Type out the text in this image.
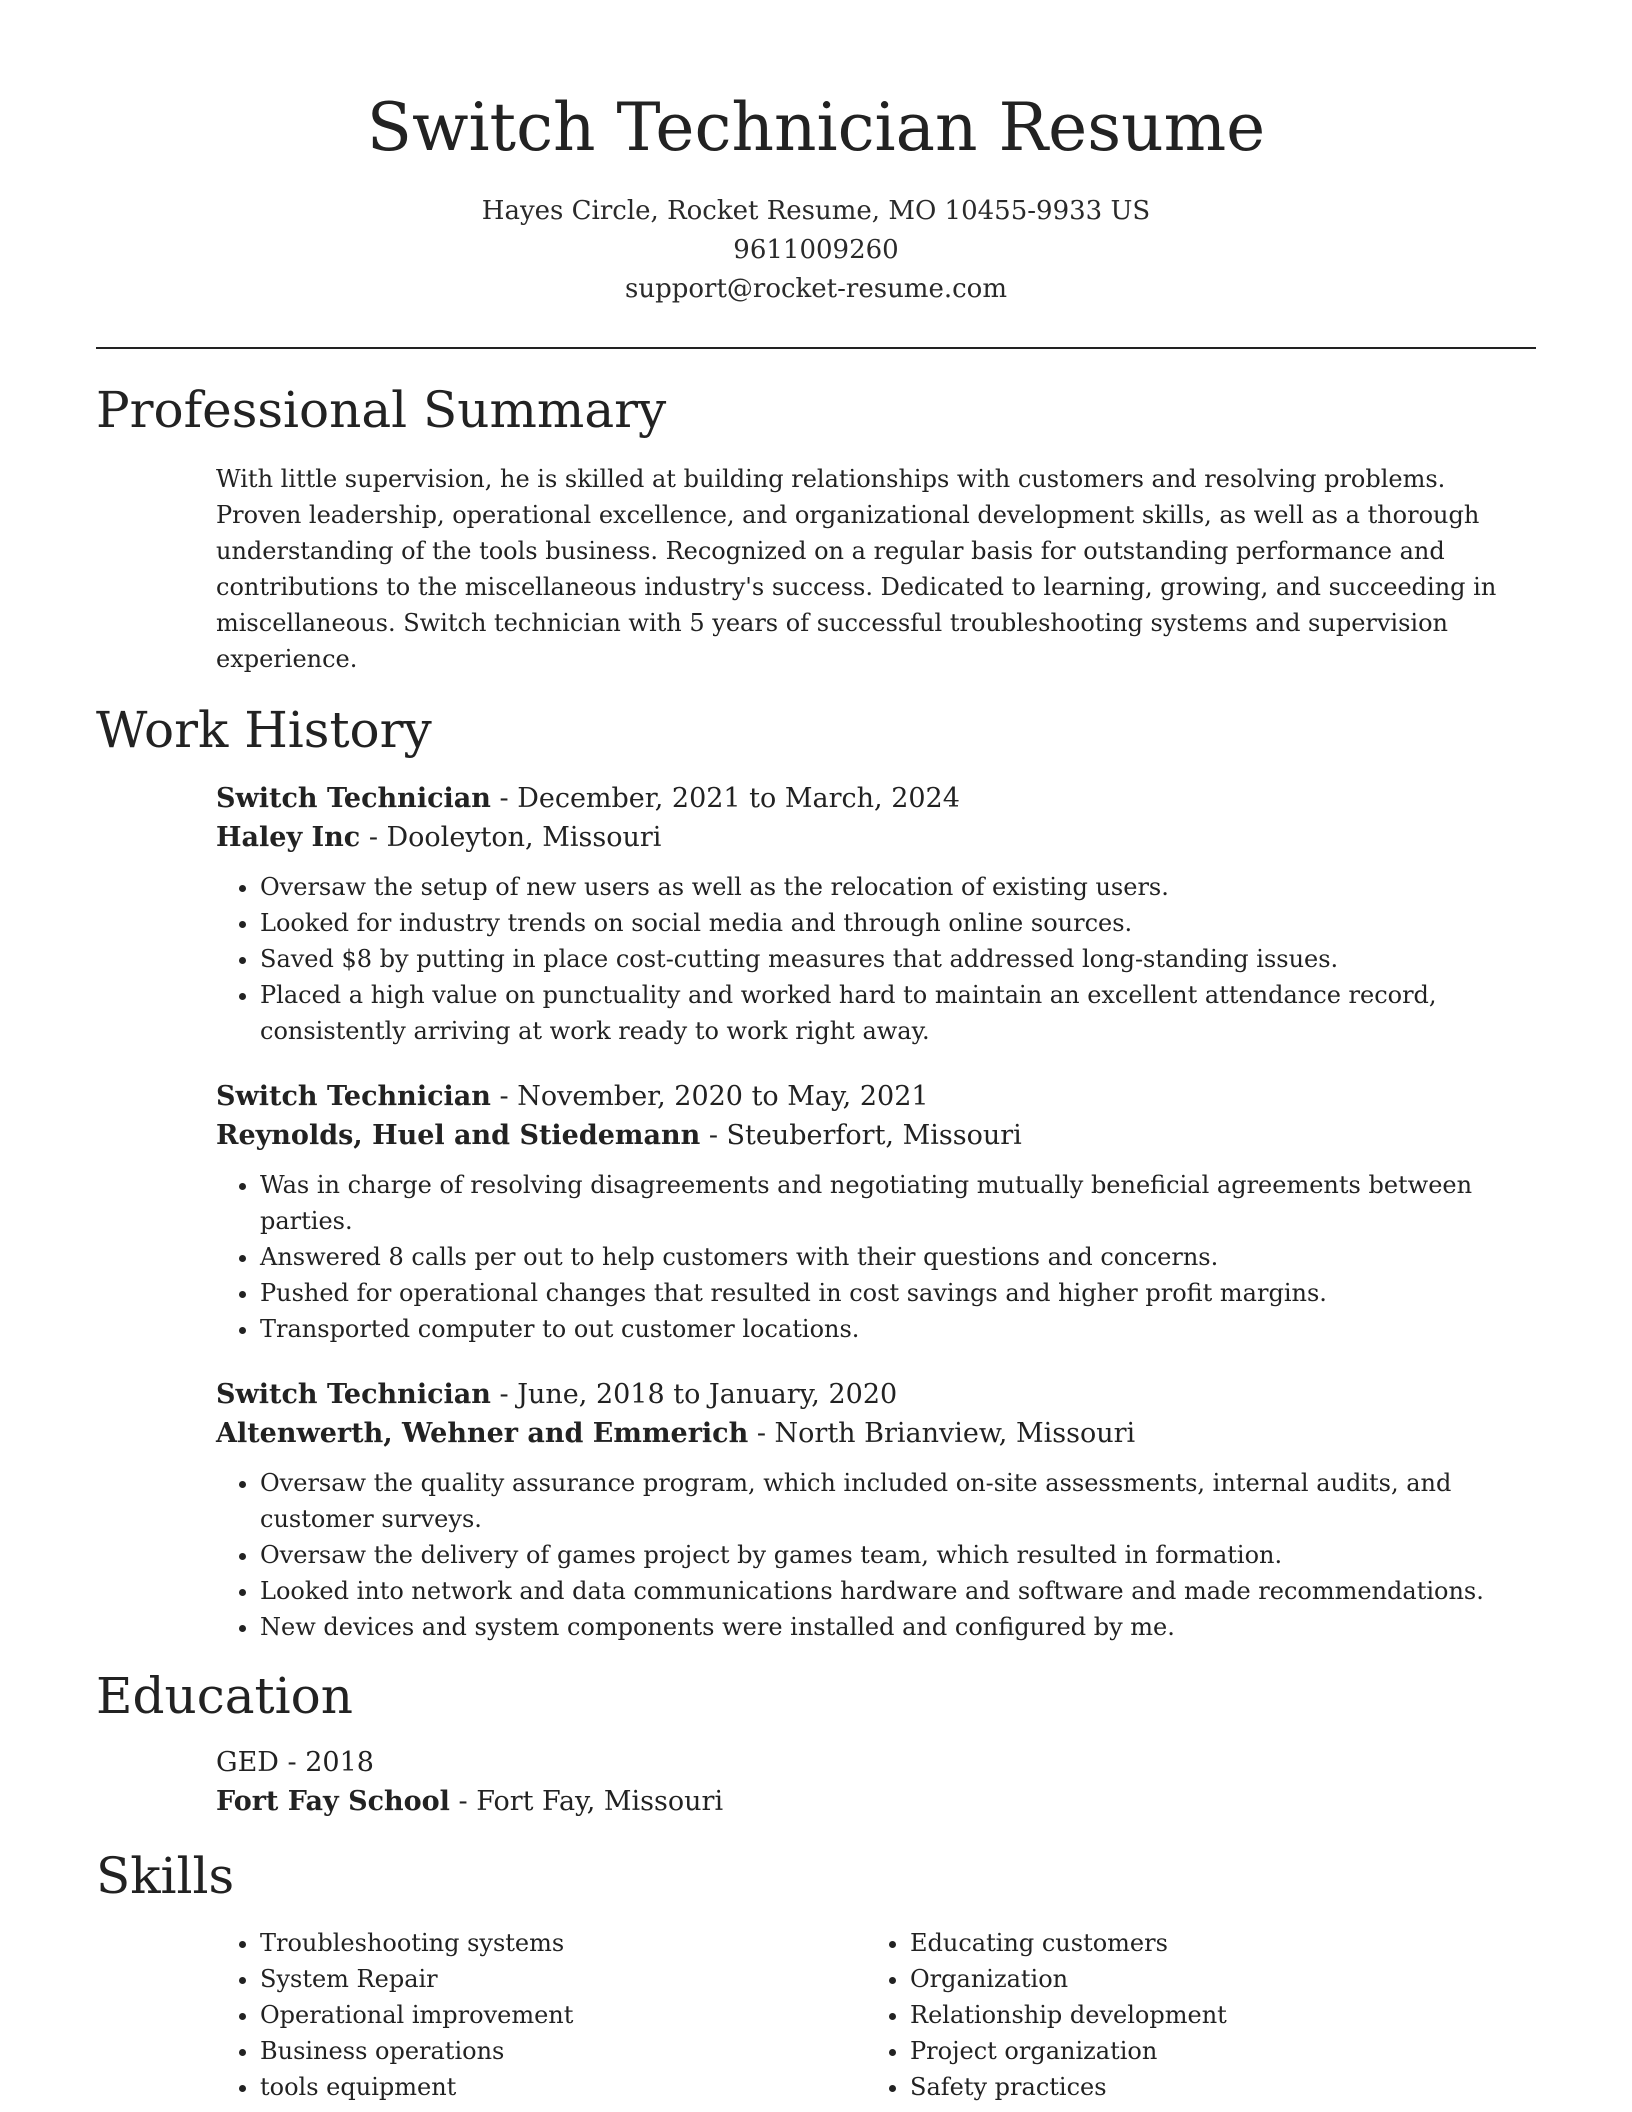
Switch Technician Resume
Hayes Circle, Rocket Resume, MO 10455-9933 US
9611009260
support@rocket-resume.com
Professional Summary

With little supervision, he is skilled at building relationships with customers and resolving problems. Proven leadership, operational excellence, and organizational development skills, as well as a thorough understanding of the tools business. Recognized on a regular basis for outstanding performance and contributions to the miscellaneous industry's success. Dedicated to learning, growing, and succeeding in miscellaneous. Switch technician with 5 years of successful troubleshooting systems and supervision experience.

Work History
Switch Technician - December, 2021 to March, 2024
Haley Inc - Dooleyton, Missouri
• Oversaw the setup of new users as well as the relocation of existing users.
• Looked for industry trends on social media and through online sources.
• Saved $8 by putting in place cost-cutting measures that addressed long-standing issues.
• Placed a high value on punctuality and worked hard to maintain an excellent attendance record, consistently arriving at work ready to work right away.
Switch Technician - November, 2020 to May, 2021
Reynolds, Huel and Stiedemann - Steuberfort, Missouri
• Was in charge of resolving disagreements and negotiating mutually beneficial agreements between parties.
• Answered 8 calls per out to help customers with their questions and concerns.
• Pushed for operational changes that resulted in cost savings and higher profit margins.
• Transported computer to out customer locations.
Switch Technician - June, 2018 to January, 2020
Altenwerth, Wehner and Emmerich - North Brianview, Missouri
• Oversaw the quality assurance program, which included on-site assessments, internal audits, and customer surveys.
• Oversaw the delivery of games project by games team, which resulted in formation.
• Looked into network and data communications hardware and software and made recommendations.
• New devices and system components were installed and configured by me.
Education
GED - 2018
Fort Fay School - Fort Fay, Missouri
Skills
• Troubleshooting systems
• System Repair
• Operational improvement
• Business operations
• tools equipment
• Educating customers
• Organization
• Relationship development
• Project organization
• Safety practices
